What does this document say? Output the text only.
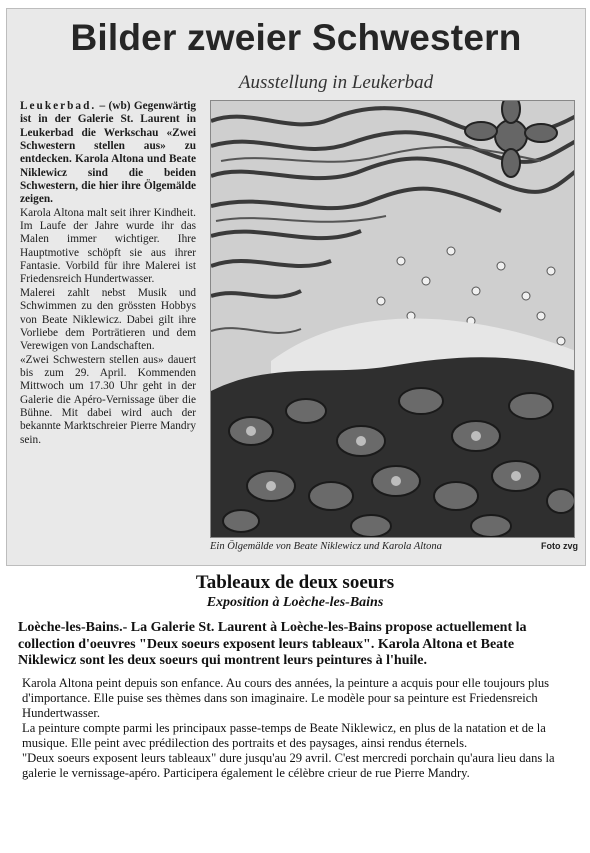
Bilder zweier Schwestern
Ausstellung in Leukerbad
Leukerbad. – (wb) Gegenwärtig ist in der Galerie St. Laurent in Leukerbad die Werkschau «Zwei Schwestern stellen aus» zu entdecken. Karola Altona und Beate Niklewicz sind die beiden Schwestern, die hier ihre Ölgemälde zeigen.

Karola Altona malt seit ihrer Kindheit. Im Laufe der Jahre wurde ihr das Malen immer wichtiger. Ihre Hauptmotive schöpft sie aus ihrer Fantasie. Vorbild für ihre Malerei ist Friedensreich Hundertwasser.

Malerei zahlt nebst Musik und Schwimmen zu den grössten Hobbys von Beate Niklewicz. Dabei gilt ihre Vorliebe dem Porträtieren und dem Verewigen von Landschaften.

«Zwei Schwestern stellen aus» dauert bis zum 29. April. Kommenden Mittwoch um 17.30 Uhr geht in der Galerie die Apéro-Vernissage über die Bühne. Mit dabei wird auch der bekannte Marktschreier Pierre Mandry sein.

Ein Ölgemälde von Beate Niklewicz und Karola Altona	Foto zvg
Tableaux de deux soeurs
Exposition à Loèche-les-Bains
Loèche-les-Bains.- La Galerie St. Laurent à Loèche-les-Bains propose actuellement la collection d'oeuvres "Deux soeurs exposent leurs tableaux". Karola Altona et Beate Niklewicz sont les deux soeurs qui montrent leurs peintures à l'huile.

Karola Altona peint depuis son enfance. Au cours des années, la peinture a acquis pour elle toujours plus d'importance. Elle puise ses thèmes dans son imaginaire. Le modèle pour sa peinture est Friedensreich Hundertwasser.

La peinture compte parmi les principaux passe-temps de Beate Niklewicz, en plus de la natation et de la musique. Elle peint avec prédilection des portraits et des paysages, ainsi rendus éternels.

"Deux soeurs exposent leurs tableaux" dure jusqu'au 29 avril. C'est mercredi porchain qu'aura lieu dans la galerie le vernissage-apéro. Participera également le célèbre crieur de rue Pierre Mandry.
